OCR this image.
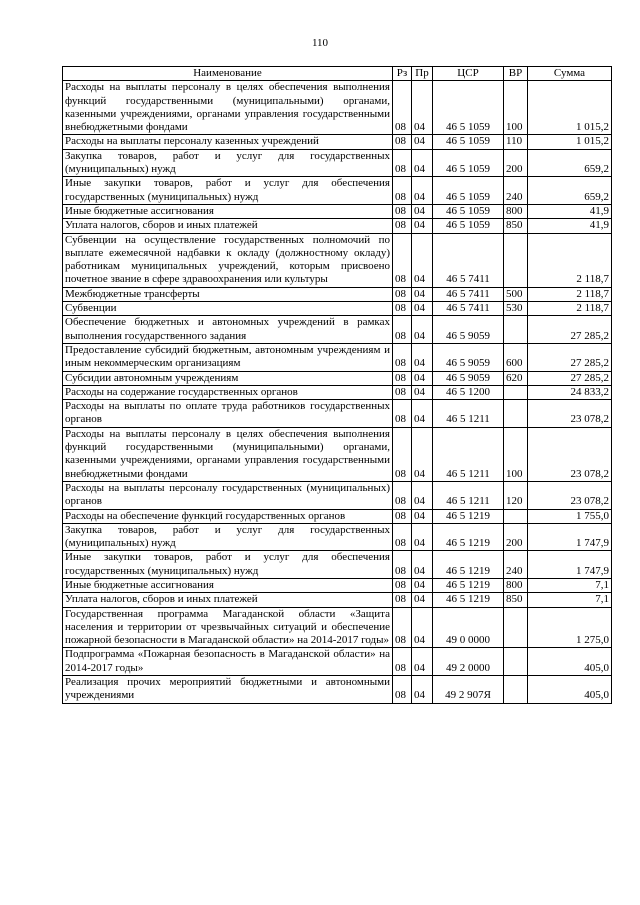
110
Наименование	Рз	Пр	ЦСР	ВР	Сумма
Расходы на выплаты персоналу в целях обеспечения выполнения функций государственными (муниципальными) органами, казенными учреждениями, органами управления государственными внебюджетными фондами	08	04	46 5 1059	100	1 015,2
Расходы на выплаты персоналу казенных учреждений	08	04	46 5 1059	110	1 015,2
Закупка товаров, работ и услуг для государственных (муниципальных) нужд	08	04	46 5 1059	200	659,2
Иные закупки товаров, работ и услуг для обеспечения государственных (муниципальных) нужд	08	04	46 5 1059	240	659,2
Иные бюджетные ассигнования	08	04	46 5 1059	800	41,9
Уплата налогов, сборов и иных платежей	08	04	46 5 1059	850	41,9
Субвенции на осуществление государственных полномочий по выплате ежемесячной надбавки к окладу (должностному окладу) работникам муниципальных учреждений, которым присвоено почетное звание в сфере здравоохранения или культуры	08	04	46 5 7411		2 118,7
Межбюджетные трансферты	08	04	46 5 7411	500	2 118,7
Субвенции	08	04	46 5 7411	530	2 118,7
Обеспечение бюджетных и автономных учреждений в рамках выполнения государственного задания	08	04	46 5 9059		27 285,2
Предоставление субсидий бюджетным, автономным учреждениям и иным некоммерческим организациям	08	04	46 5 9059	600	27 285,2
Субсидии автономным учреждениям	08	04	46 5 9059	620	27 285,2
Расходы на содержание государственных органов	08	04	46 5 1200		24 833,2
Расходы на выплаты по оплате труда работников государственных органов	08	04	46 5 1211		23 078,2
Расходы на выплаты персоналу в целях обеспечения выполнения функций государственными (муниципальными) органами, казенными учреждениями, органами управления государственными внебюджетными фондами	08	04	46 5 1211	100	23 078,2
Расходы на выплаты персоналу государственных (муниципальных) органов	08	04	46 5 1211	120	23 078,2
Расходы на обеспечение функций государственных органов	08	04	46 5 1219		1 755,0
Закупка товаров, работ и услуг для государственных (муниципальных) нужд	08	04	46 5 1219	200	1 747,9
Иные закупки товаров, работ и услуг для обеспечения государственных (муниципальных) нужд	08	04	46 5 1219	240	1 747,9
Иные бюджетные ассигнования	08	04	46 5 1219	800	7,1
Уплата налогов, сборов и иных платежей	08	04	46 5 1219	850	7,1
Государственная программа Магаданской области «Защита населения и территории от чрезвычайных ситуаций и обеспечение пожарной безопасности в Магаданской области» на 2014-2017 годы»	08	04	49 0 0000		1 275,0
Подпрограмма «Пожарная безопасность в Магаданской области» на 2014-2017 годы»	08	04	49 2 0000		405,0
Реализация прочих мероприятий бюджетными и автономными учреждениями	08	04	49 2 907Я		405,0
